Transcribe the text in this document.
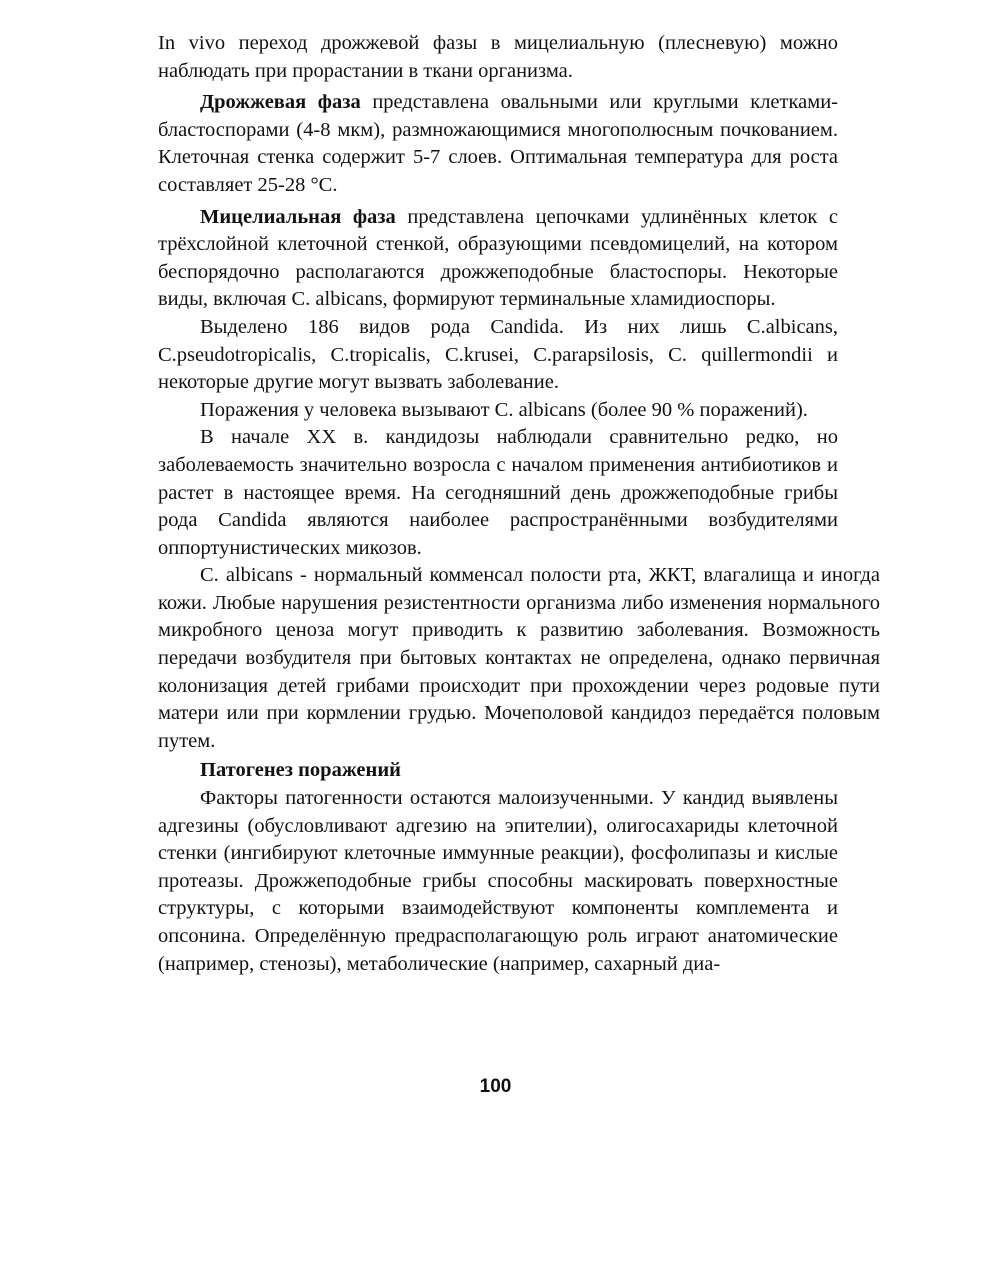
In vivo переход дрожжевой фазы в мицелиальную (плесневую) можно наблюдать при прорастании в ткани организма.

Дрожжевая фаза представлена овальными или круглыми клетками-бластоспорами (4-8 мкм), размножающимися многополюсным почкованием. Клеточная стенка содержит 5-7 слоев. Оптимальная температура для роста составляет 25-28 °С.

Мицелиальная фаза представлена цепочками удлинённых клеток с трёхслойной клеточной стенкой, образующими псевдомицелий, на котором беспорядочно располагаются дрожжеподобные бластоспоры. Некоторые виды, включая C. albicans, формируют терминальные хламидиоспоры.

Выделено 186 видов рода Candida. Из них лишь C.albicans, C.pseudotropicalis, C.tropicalis, C.krusei, C.parapsilosis, C. quillermondii и некоторые другие могут вызвать заболевание.

Поражения у человека вызывают C. albicans (более 90 % поражений).

В начале XX в. кандидозы наблюдали сравнительно редко, но заболеваемость значительно возросла с началом применения антибиотиков и растет в настоящее время. На сегодняшний день дрожжеподобные грибы рода Candida являются наиболее распространёнными возбудителями оппортунистических микозов.

С. albicans - нормальный комменсал полости рта, ЖКТ, влагалища и иногда кожи. Любые нарушения резистентности организма либо изменения нормального микробного ценоза могут приводить к развитию заболевания. Возможность передачи возбудителя при бытовых контактах не определена, однако первичная колонизация детей грибами происходит при прохождении через родовые пути матери или при кормлении грудью. Мочеполовой кандидоз передаётся половым путем.

Патогенез поражений

Факторы патогенности остаются малоизученными. У кандид выявлены адгезины (обусловливают адгезию на эпителии), олигосахариды клеточной стенки (ингибируют клеточные иммунные реакции), фосфолипазы и кислые протеазы. Дрожжеподобные грибы способны маскировать поверхностные структуры, с которыми взаимодействуют компоненты комплемента и опсонина. Определённую предрасполагающую роль играют анатомические (например, стенозы), метаболические (например, сахарный диа-

100
